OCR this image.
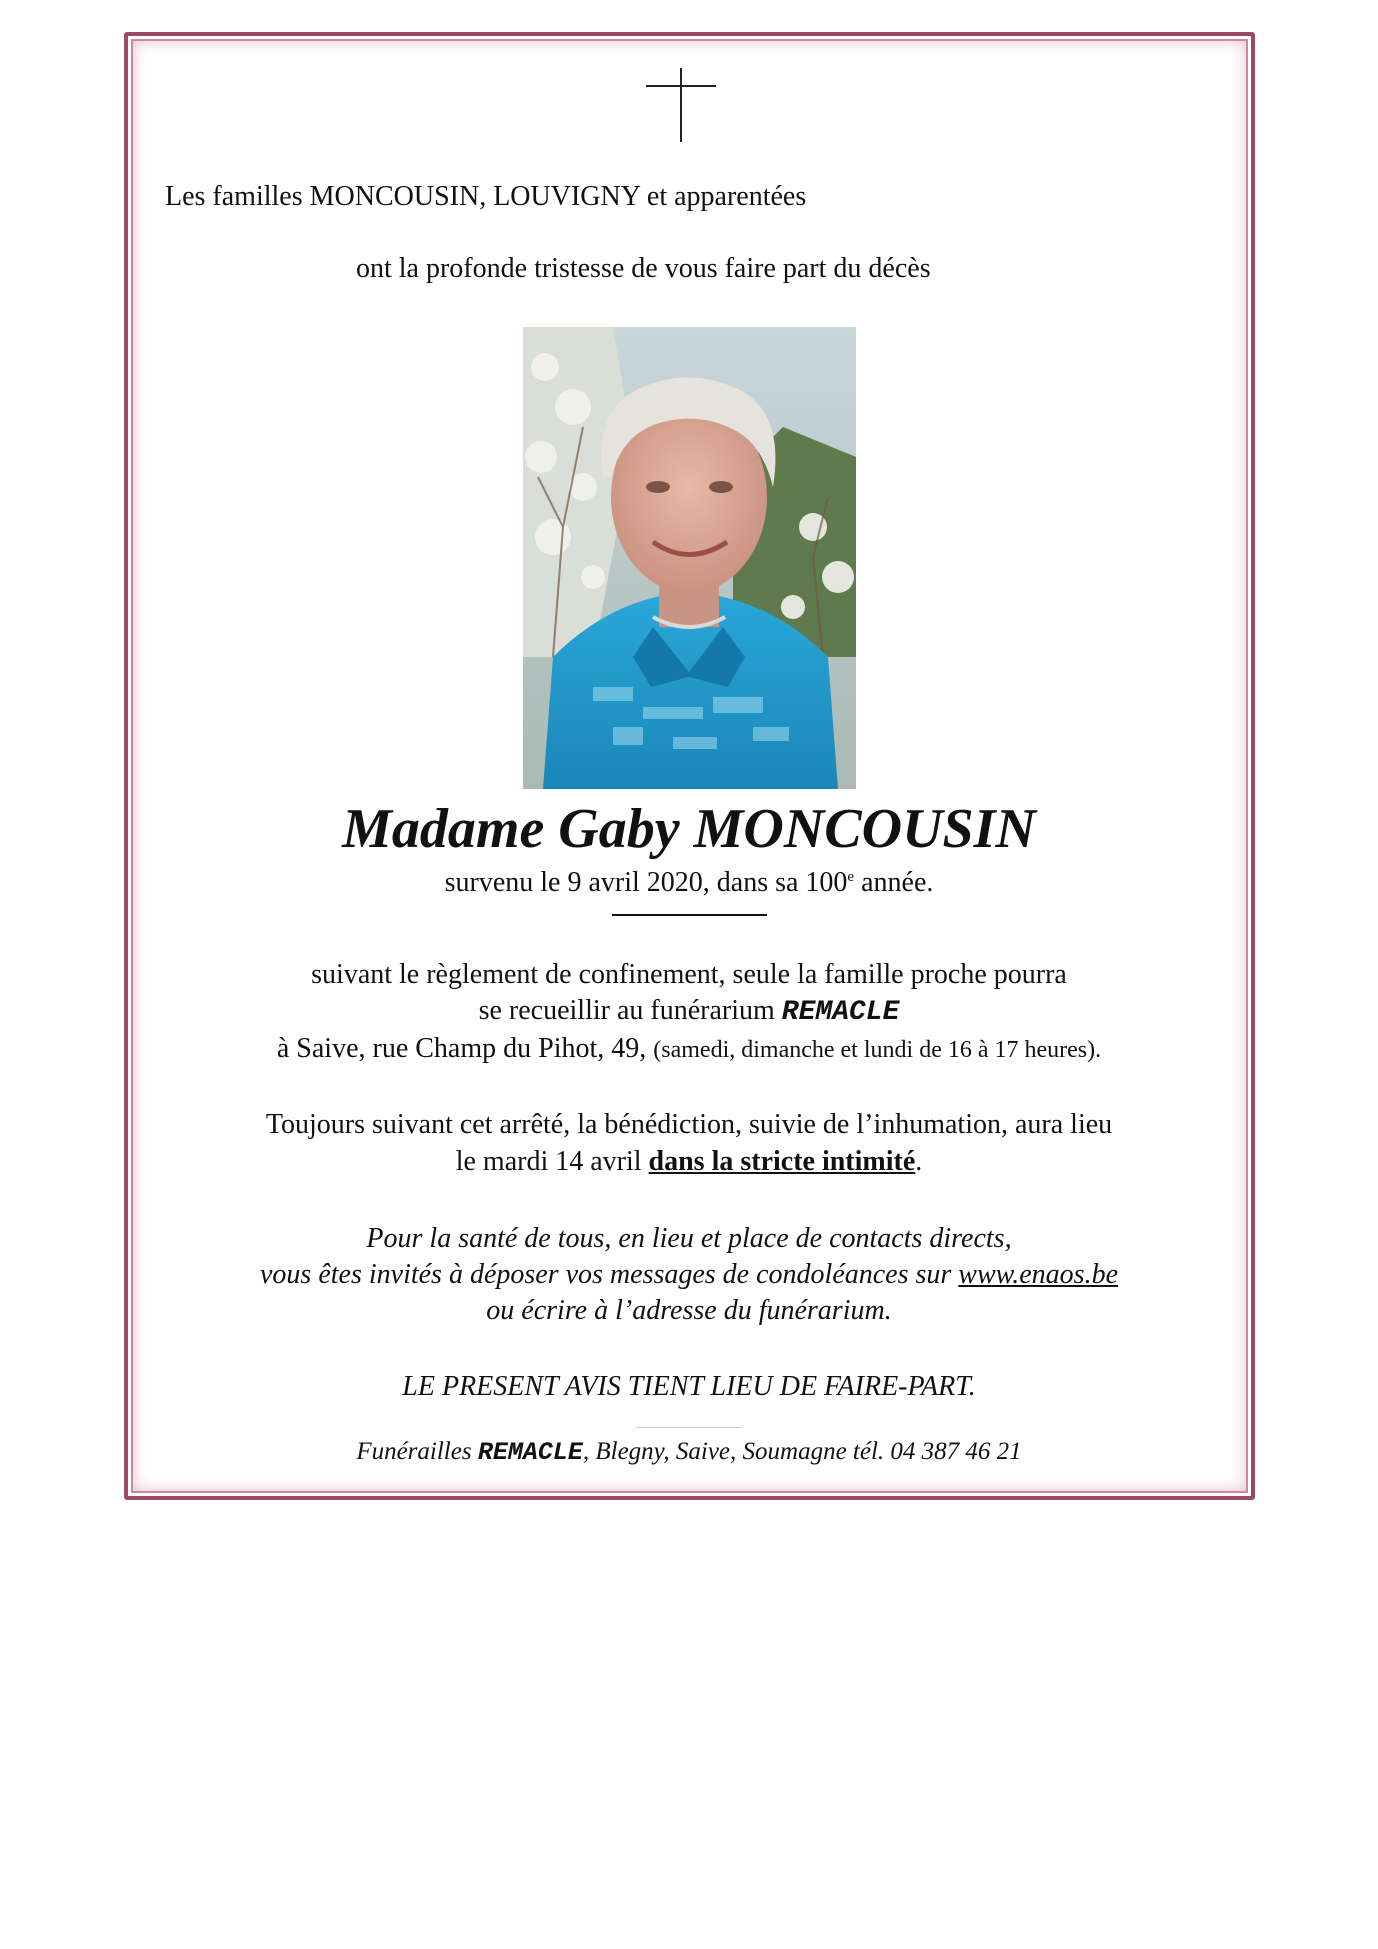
Les familles MONCOUSIN, LOUVIGNY et apparentées
ont la profonde tristesse de vous faire part du décès
Madame Gaby MONCOUSIN
survenu le 9 avril 2020, dans sa 100e année.
suivant le règlement de confinement, seule la famille proche pourra
se recueillir au funérarium REMACLE
à Saive, rue Champ du Pihot, 49, (samedi, dimanche et lundi de 16 à 17 heures).
Toujours suivant cet arrêté, la bénédiction, suivie de l’inhumation, aura lieu
le mardi 14 avril dans la stricte intimité.
Pour la santé de tous, en lieu et place de contacts directs,
vous êtes invités à déposer vos messages de condoléances sur www.enaos.be
ou écrire à l’adresse du funérarium.
LE PRESENT AVIS TIENT LIEU DE FAIRE-PART.
Funérailles REMACLE, Blegny, Saive, Soumagne tél. 04 387 46 21
